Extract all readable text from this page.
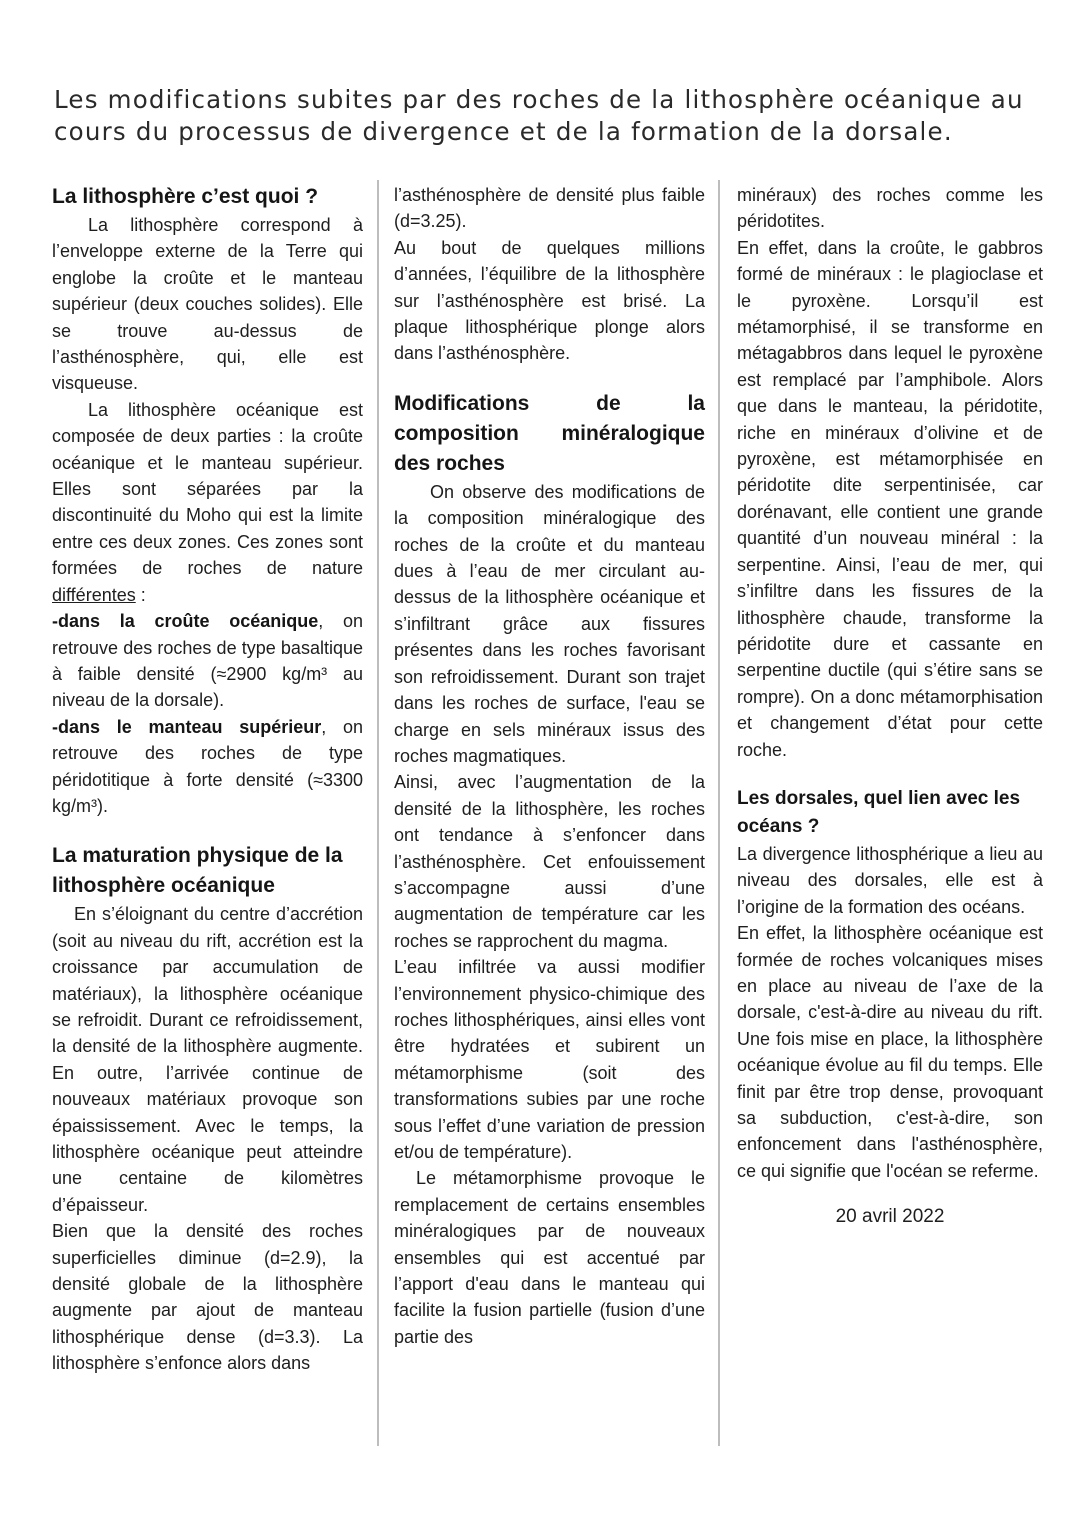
Les modifications subites par des roches de la lithosphère océanique au cours du processus de divergence et de la formation de la dorsale.
La lithosphère c’est quoi ?

La lithosphère correspond à l’enveloppe externe de la Terre qui englobe la croûte et le manteau supérieur (deux couches solides). Elle se trouve au-dessus de l’asthénosphère, qui, elle est visqueuse.

La lithosphère océanique est composée de deux parties : la croûte océanique et le manteau supérieur. Elles sont séparées par la discontinuité du Moho qui est la limite entre ces deux zones. Ces zones sont formées de roches de nature différentes :

-dans la croûte océanique, on retrouve des roches de type basaltique à faible densité (≈2900 kg/m³ au niveau de la dorsale).

-dans le manteau supérieur, on retrouve des roches de type péridotitique à forte densité (≈3300 kg/m³).

La maturation physique de la lithosphère océanique

En s’éloignant du centre d’accrétion (soit au niveau du rift, accrétion est la croissance par accumulation de matériaux), la lithosphère océanique se refroidit. Durant ce refroidissement, la densité de la lithosphère augmente. En outre, l’arrivée continue de nouveaux matériaux provoque son épaississement. Avec le temps, la lithosphère océanique peut atteindre une centaine de kilomètres d’épaisseur.

Bien que la densité des roches superficielles diminue (d=2.9), la densité globale de la lithosphère augmente par ajout de manteau lithosphérique dense (d=3.3). La lithosphère s’enfonce alors dans

l’asthénosphère de densité plus faible (d=3.25).

Au bout de quelques millions d’années, l’équilibre de la lithosphère sur l’asthénosphère est brisé. La plaque lithosphérique plonge alors dans l’asthénosphère.

Modifications de la composition minéralogique des roches

On observe des modifications de la composition minéralogique des roches de la croûte et du manteau dues à l’eau de mer circulant au-dessus de la lithosphère océanique et s’infiltrant grâce aux fissures présentes dans les roches favorisant son refroidissement. Durant son trajet dans les roches de surface, l'eau se charge en sels minéraux issus des roches magmatiques.

Ainsi, avec l’augmentation de la densité de la lithosphère, les roches ont tendance à s’enfoncer dans l’asthénosphère. Cet enfouissement s’accompagne aussi d’une augmentation de température car les roches se rapprochent du magma.

L’eau infiltrée va aussi modifier l’environnement physico-chimique des roches lithosphériques, ainsi elles vont être hydratées et subirent un métamorphisme (soit des transformations subies par une roche sous l’effet d’une variation de pression et/ou de température).

Le métamorphisme provoque le remplacement de certains ensembles minéralogiques par de nouveaux ensembles qui est accentué par l’apport d'eau dans le manteau qui facilite la fusion partielle (fusion d’une partie des

minéraux) des roches comme les péridotites.

En effet, dans la croûte, le gabbros formé de minéraux : le plagioclase et le pyroxène. Lorsqu’il est métamorphisé, il se transforme en métagabbros dans lequel le pyroxène est remplacé par l’amphibole. Alors que dans le manteau, la péridotite, riche en minéraux d’olivine et de pyroxène, est métamorphisée en péridotite dite serpentinisée, car dorénavant, elle contient une grande quantité d’un nouveau minéral : la serpentine. Ainsi, l’eau de mer, qui s’infiltre dans les fissures de la lithosphère chaude, transforme la péridotite dure et cassante en serpentine ductile (qui s’étire sans se rompre). On a donc métamorphisation et changement d’état pour cette roche.

Les dorsales, quel lien avec les océans ?

La divergence lithosphérique a lieu au niveau des dorsales, elle est à l’origine de la formation des océans.

En effet, la lithosphère océanique est formée de roches volcaniques mises en place au niveau de l’axe de la dorsale, c'est-à-dire au niveau du rift. Une fois mise en place, la lithosphère océanique évolue au fil du temps. Elle finit par être trop dense, provoquant sa subduction, c'est-à-dire, son enfoncement dans l'asthénosphère, ce qui signifie que l'océan se referme.

20 avril 2022
